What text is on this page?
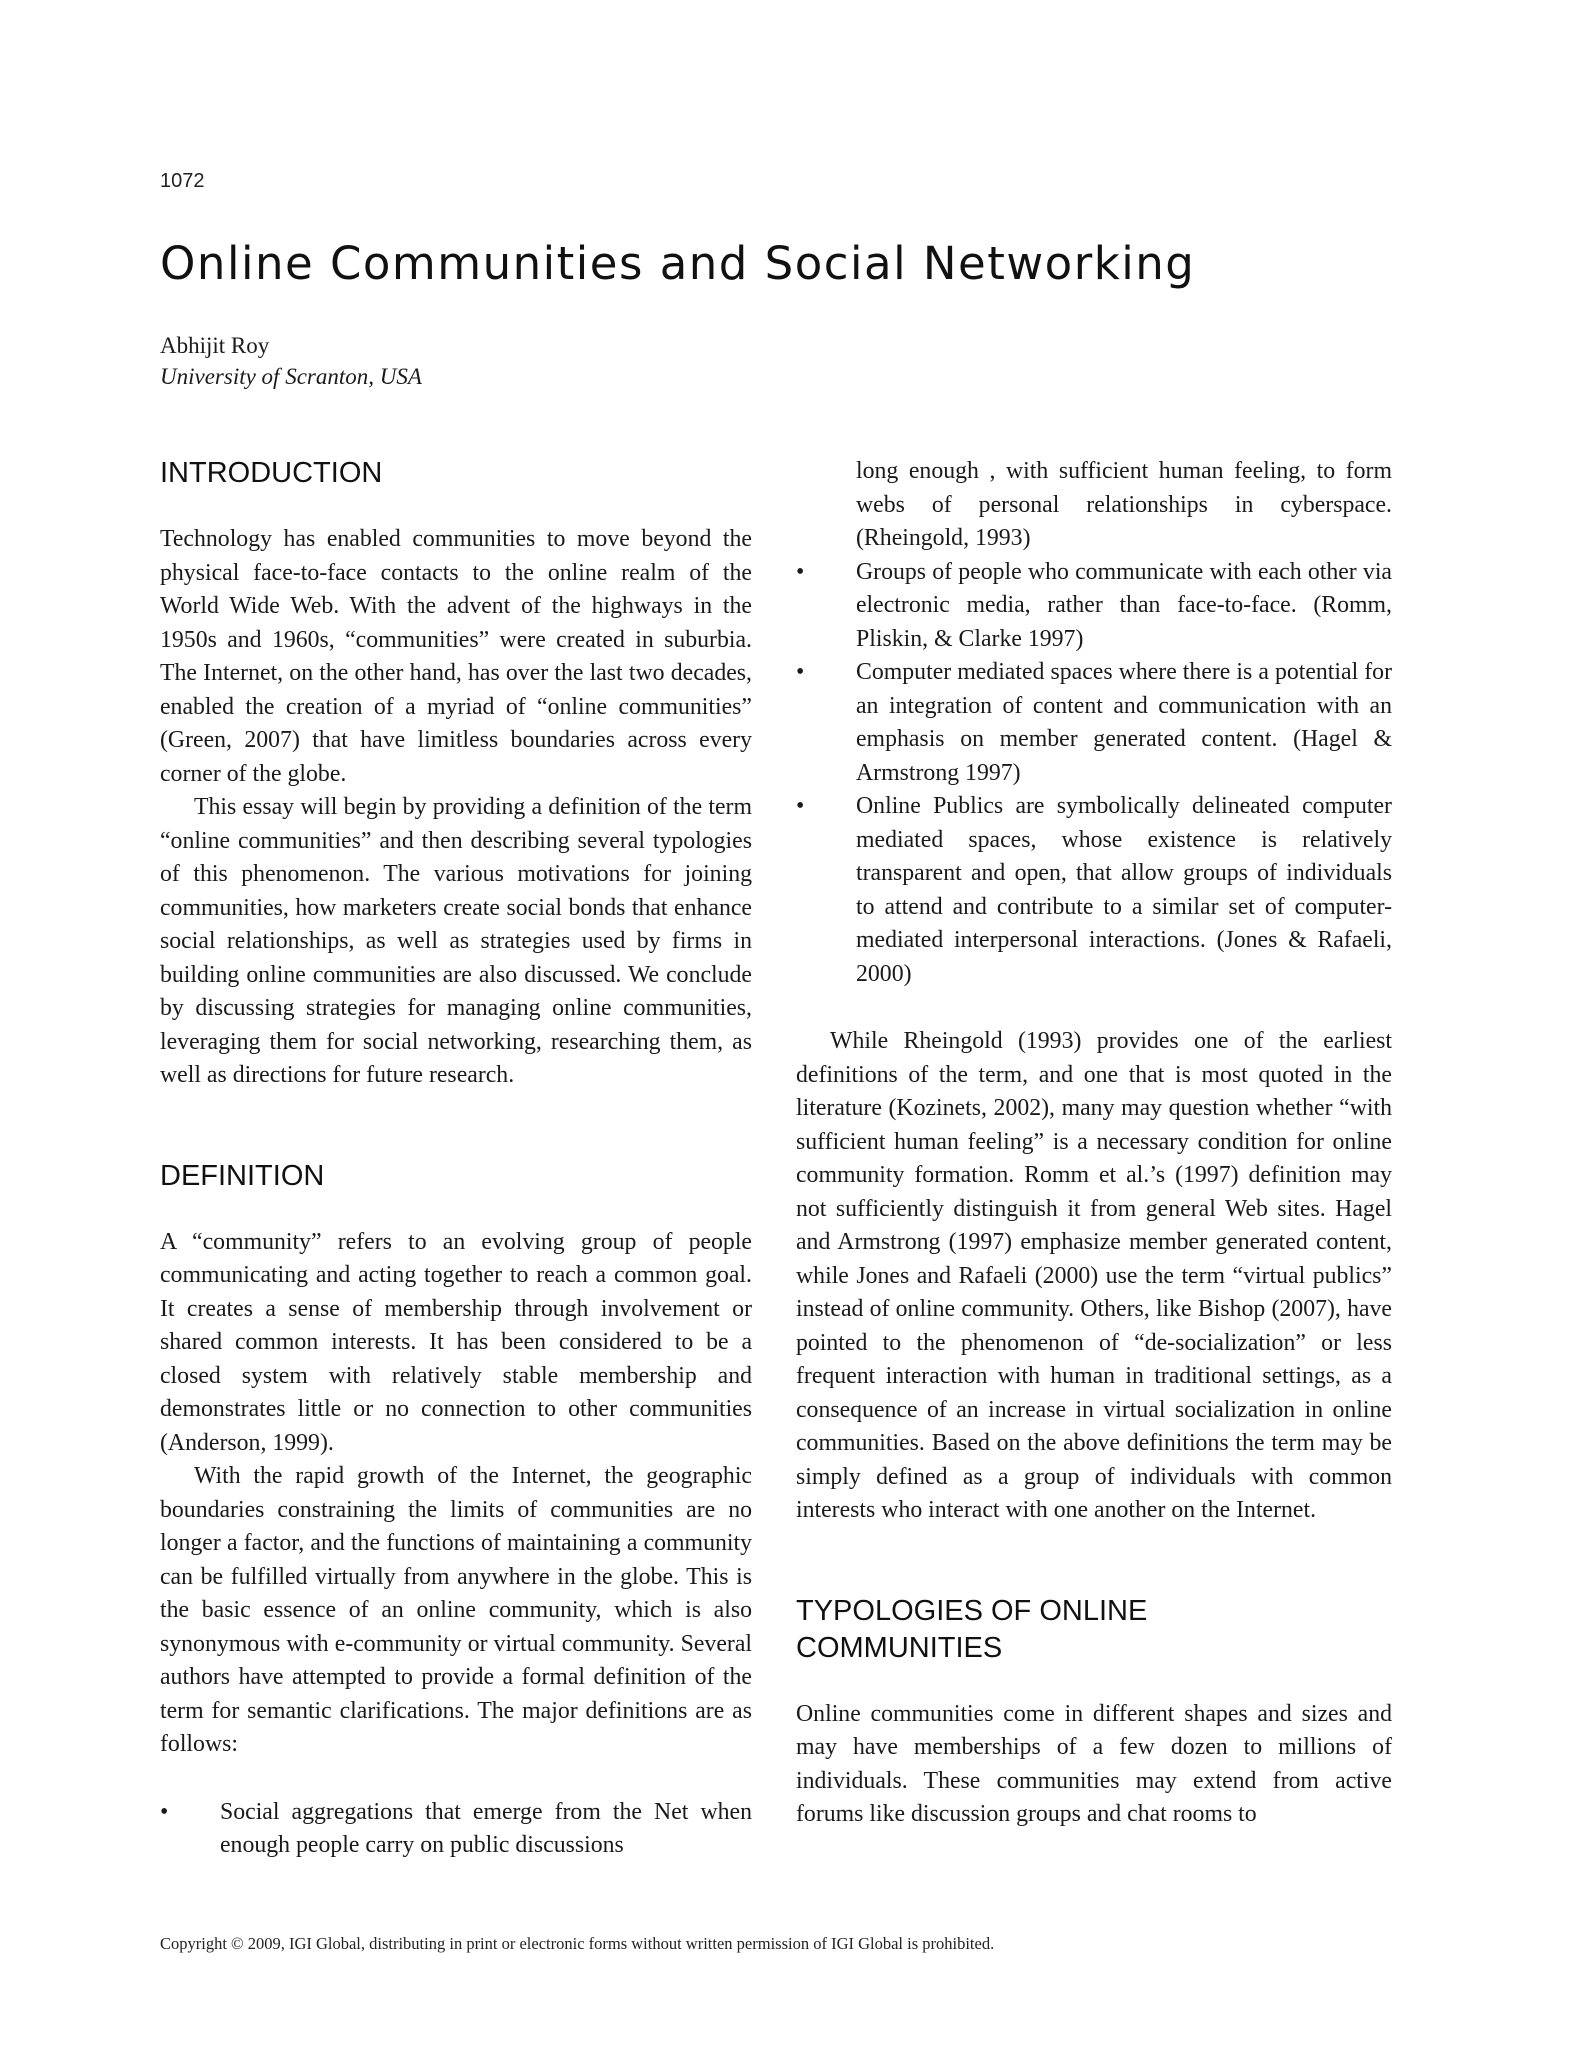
1072
Online Communities and Social Networking
Abhijit Roy
University of Scranton, USA
INTRODUCTION

Technology has enabled communities to move beyond the physical face-to-face contacts to the online realm of the World Wide Web. With the advent of the highways in the 1950s and 1960s, “communities” were created in suburbia. The Internet, on the other hand, has over the last two decades, enabled the creation of a myriad of “online communities” (Green, 2007) that have limitless boundaries across every corner of the globe.

This essay will begin by providing a definition of the term “online communities” and then describing several typologies of this phenomenon. The various motivations for joining communities, how marketers create social bonds that enhance social relationships, as well as strategies used by firms in building online communities are also discussed. We conclude by discussing strategies for managing online communities, leveraging them for social networking, researching them, as well as directions for future research.

DEFINITION

A “community” refers to an evolving group of people communicating and acting together to reach a common goal. It creates a sense of membership through involvement or shared common interests. It has been considered to be a closed system with relatively stable membership and demonstrates little or no connection to other communities (Anderson, 1999).

With the rapid growth of the Internet, the geographic boundaries constraining the limits of communities are no longer a factor, and the functions of maintaining a community can be fulfilled virtually from anywhere in the globe. This is the basic essence of an online community, which is also synonymous with e-community or virtual community. Several authors have attempted to provide a formal definition of the term for semantic clarifications. The major definitions are as follows:

• Social aggregations that emerge from the Net when enough people carry on public discussions
long enough , with sufficient human feeling, to form webs of personal relationships in cyberspace. (Rheingold, 1993)
• Groups of people who communicate with each other via electronic media, rather than face-to-face. (Romm, Pliskin, & Clarke 1997)
• Computer mediated spaces where there is a potential for an integration of content and communication with an emphasis on member generated content. (Hagel & Armstrong 1997)
• Online Publics are symbolically delineated computer mediated spaces, whose existence is relatively transparent and open, that allow groups of individuals to attend and contribute to a similar set of computer-mediated interpersonal interactions. (Jones & Rafaeli, 2000)

While Rheingold (1993) provides one of the earliest definitions of the term, and one that is most quoted in the literature (Kozinets, 2002), many may question whether “with sufficient human feeling” is a necessary condition for online community formation. Romm et al.’s (1997) definition may not sufficiently distinguish it from general Web sites. Hagel and Armstrong (1997) emphasize member generated content, while Jones and Rafaeli (2000) use the term “virtual publics” instead of online community. Others, like Bishop (2007), have pointed to the phenomenon of “de-socialization” or less frequent interaction with human in traditional settings, as a consequence of an increase in virtual socialization in online communities. Based on the above definitions the term may be simply defined as a group of individuals with common interests who interact with one another on the Internet.

TYPOLOGIES OF ONLINE
COMMUNITIES

Online communities come in different shapes and sizes and may have memberships of a few dozen to millions of individuals. These communities may extend from active forums like discussion groups and chat rooms to

Copyright © 2009, IGI Global, distributing in print or electronic forms without written permission of IGI Global is prohibited.
